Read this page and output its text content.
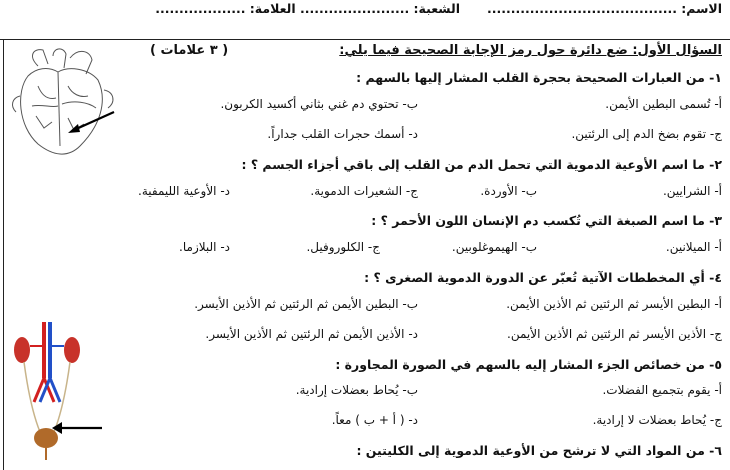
الاسم: ........................................
الشعبة: ....................... العلامة: ...................
السؤال الأول: ضع دائرة حول رمز الإجابة الصحيحة فيما يلي:
( ٣ علامات )
١- من العبارات الصحيحة بحجرة القلب المشار إليها بالسهم :
أ- تُسمى البطين الأيمن.
ب- تحتوي دم غني بثاني أكسيد الكربون.
ج- تقوم بضخ الدم إلى الرئتين.
د- أسمك حجرات القلب جداراً.
٢- ما اسم الأوعية الدموية التي تحمل الدم من القلب إلى باقي أجزاء الجسم ؟ :
أ- الشرايين.
ب- الأوردة.
ج- الشعيرات الدموية.
د- الأوعية الليمفية.
٣- ما اسم الصبغة التي تُكسب دم الإنسان اللون الأحمر ؟ :
أ- الميلانين.
ب- الهيموغلوبين.
ج- الكلوروفيل.
د- البلازما.
٤- أي المخططات الآتية تُعبّر عن الدورة الدموية الصغرى ؟ :
أ- البطين الأيسر ثم الرئتين ثم الأذين الأيمن.
ب- البطين الأيمن ثم الرئتين ثم الأذين الأيسر.
ج- الأذين الأيسر ثم الرئتين ثم الأذين الأيمن.
د- الأذين الأيمن ثم الرئتين ثم الأذين الأيسر.
٥- من خصائص الجزء المشار إليه بالسهم في الصورة المجاورة :
أ- يقوم بتجميع الفضلات.
ب- يُحاط بعضلات إرادية.
ج- يُحاط بعضلات لا إرادية.
د- ( أ + ب ) معاً.
٦- من المواد التي لا ترشح من الأوعية الدموية إلى الكليتين :
